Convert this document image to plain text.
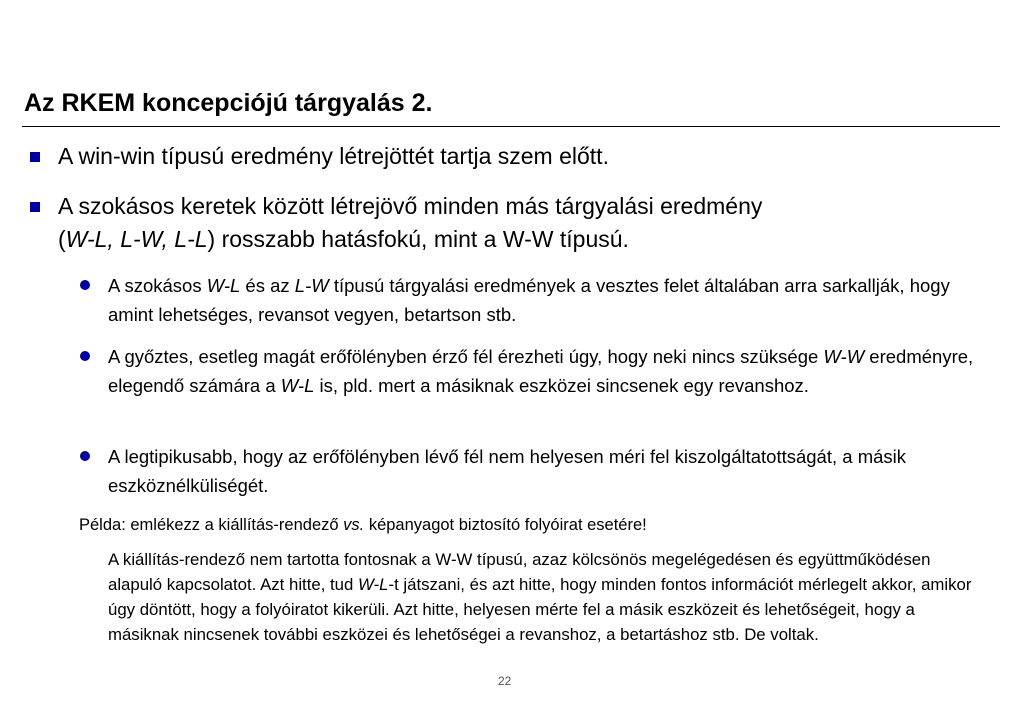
Az RKEM koncepciójú tárgyalás 2.
A win-win típusú eredmény létrejöttét tartja szem előtt.
A szokásos keretek között létrejövő minden más tárgyalási eredmény
(W-L, L-W, L-L) rosszabb hatásfokú, mint a W-W típusú.
A szokásos W-L és az L-W típusú tárgyalási eredmények a vesztes felet általában arra sarkallják, hogy amint lehetséges, revansot vegyen, betartson stb.
A győztes, esetleg magát erőfölényben érző fél érezheti úgy, hogy neki nincs szüksége W-W eredményre, elegendő számára a W-L is, pld. mert a másiknak eszközei sincsenek egy revanshoz.
A legtipikusabb, hogy az erőfölényben lévő fél nem helyesen méri fel kiszolgáltatottságát, a másik eszköznélküliségét.
Példa: emlékezz a kiállítás-rendező vs. képanyagot biztosító folyóirat esetére!
A kiállítás-rendező nem tartotta fontosnak a W-W típusú, azaz kölcsönös megelégedésen és együttműködésen alapuló kapcsolatot. Azt hitte, tud W-L-t játszani, és azt hitte, hogy minden fontos információt mérlegelt akkor, amikor úgy döntött, hogy a folyóiratot kikerüli. Azt hitte, helyesen mérte fel a másik eszközeit és lehetőségeit, hogy a másiknak nincsenek további eszközei és lehetőségei a revanshoz, a betartáshoz stb. De voltak.
22
